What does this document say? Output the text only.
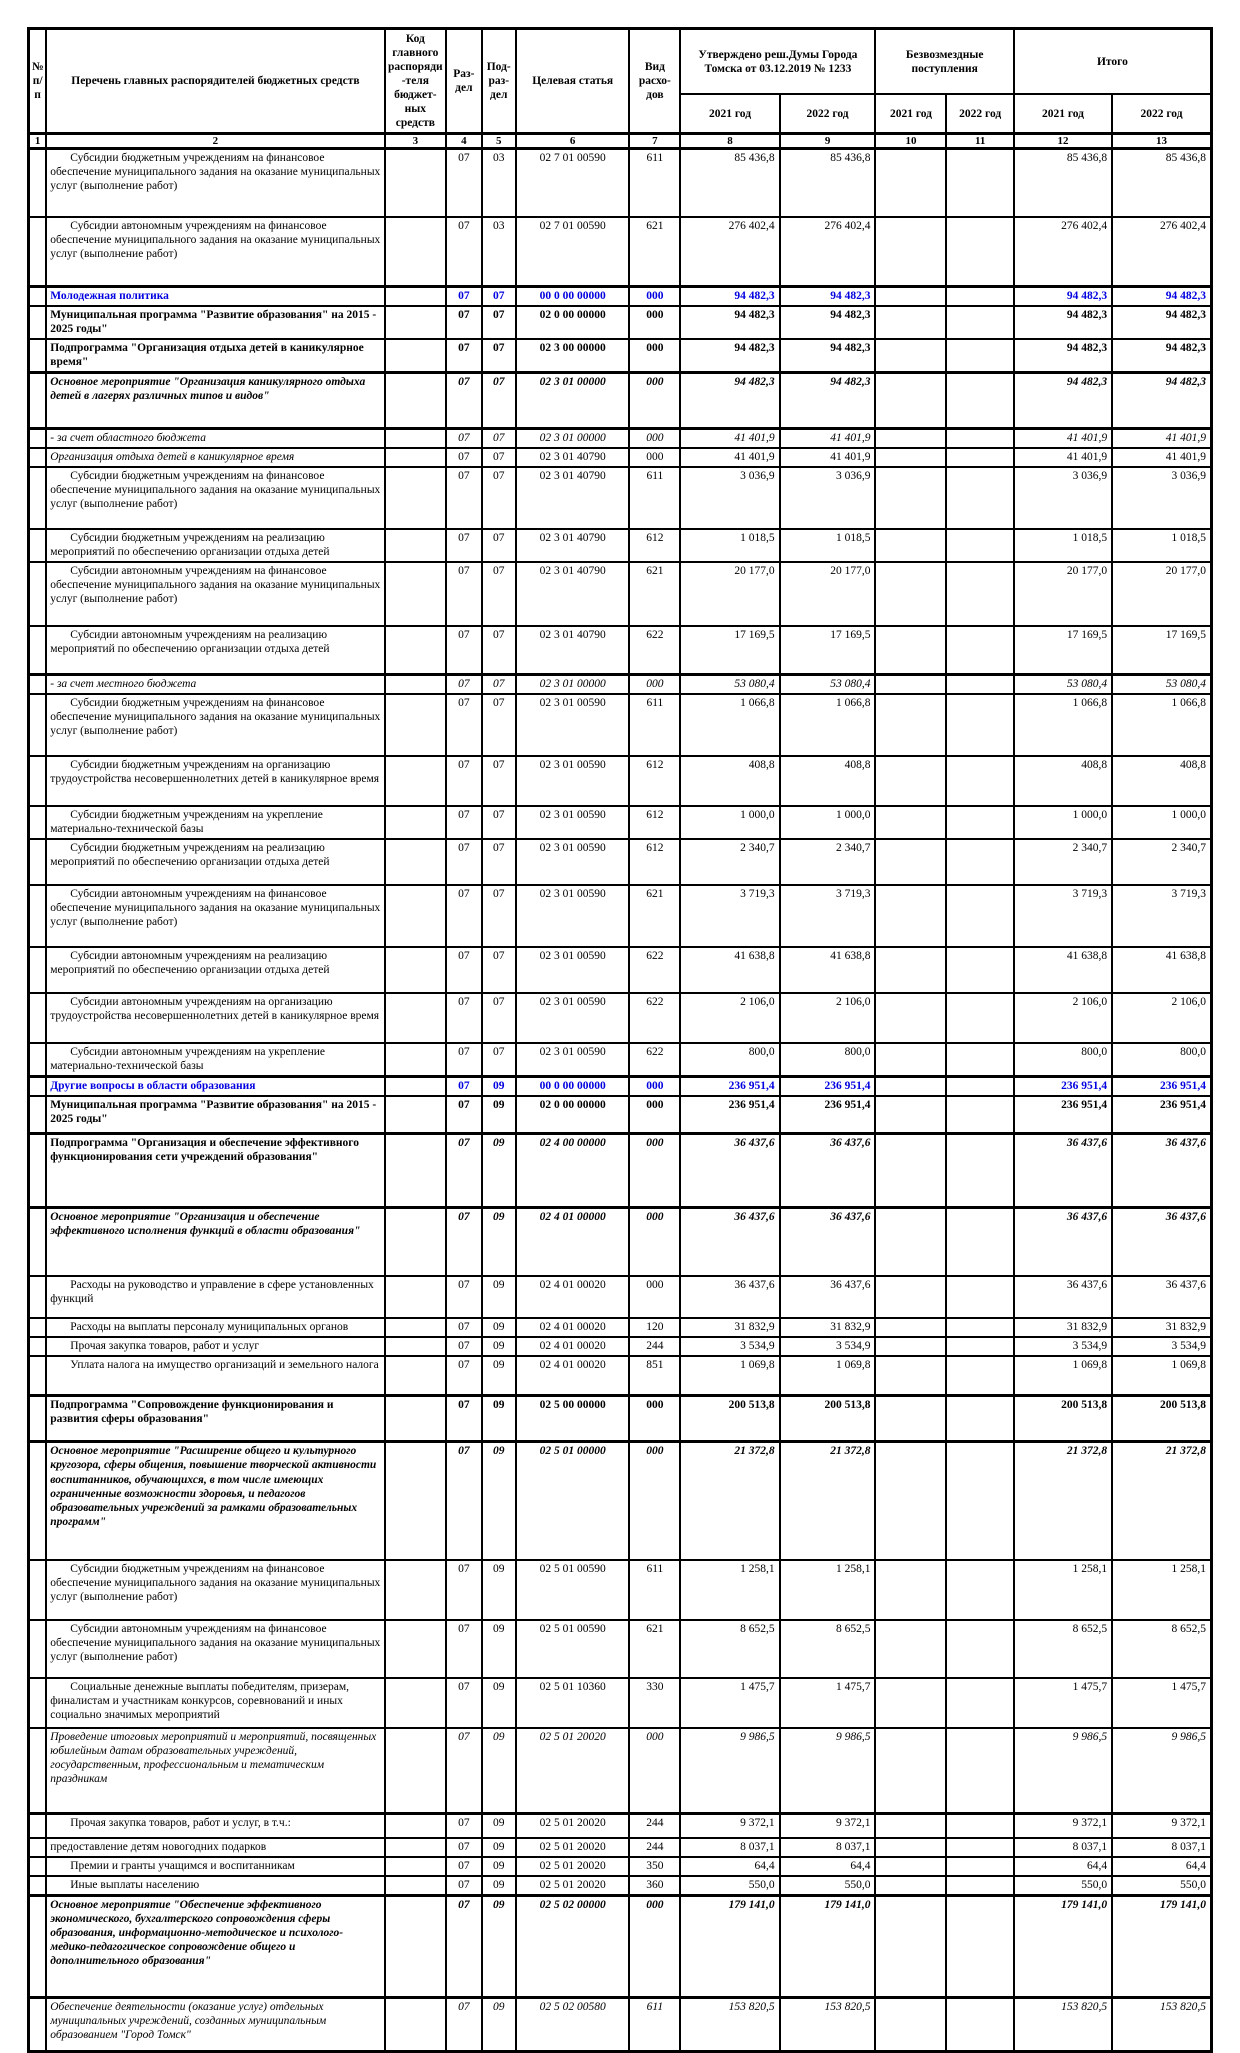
№ п/п	Перечень главных распорядителей бюджетных средств	Код главного распоряди-теля бюджет-ных средств	Раз-дел	Под-раз-дел	Целевая статья	Вид расхо-дов	Утверждено реш.Думы Города Томска от 03.12.2019 № 1233		Безвозмездные поступления		Итого	
							2021 год	2022 год	2021 год	2022 год	2021 год	2022 год
1	2	3	4	5	6	7	8	9	10	11	12	13
	Субсидии бюджетным учреждениям на финансовое обеспечение муниципального задания на оказание муниципальных услуг (выполнение работ)		07	03	02 7 01 00590	611	85 436,8	85 436,8			85 436,8	85 436,8
	Субсидии автономным учреждениям на финансовое обеспечение муниципального задания на оказание муниципальных услуг (выполнение работ)		07	03	02 7 01 00590	621	276 402,4	276 402,4			276 402,4	276 402,4
	Молодежная политика		07	07	00 0 00 00000	000	94 482,3	94 482,3			94 482,3	94 482,3
	Муниципальная программа "Развитие образования" на 2015 - 2025 годы"		07	07	02 0 00 00000	000	94 482,3	94 482,3			94 482,3	94 482,3
	Подпрограмма "Организация отдыха детей в каникулярное время"		07	07	02 3 00 00000	000	94 482,3	94 482,3			94 482,3	94 482,3
	Основное мероприятие "Организация каникулярного отдыха детей в лагерях различных типов и видов"		07	07	02 3 01 00000	000	94 482,3	94 482,3			94 482,3	94 482,3
	- за счет областного бюджета		07	07	02 3 01 00000	000	41 401,9	41 401,9			41 401,9	41 401,9
	Организация отдыха детей в каникулярное время		07	07	02 3 01 40790	000	41 401,9	41 401,9			41 401,9	41 401,9
	Субсидии бюджетным учреждениям на финансовое обеспечение муниципального задания на оказание муниципальных услуг (выполнение работ)		07	07	02 3 01 40790	611	3 036,9	3 036,9			3 036,9	3 036,9
	Субсидии бюджетным учреждениям на реализацию мероприятий по обеспечению организации отдыха детей		07	07	02 3 01 40790	612	1 018,5	1 018,5			1 018,5	1 018,5
	Субсидии автономным учреждениям на финансовое обеспечение муниципального задания на оказание муниципальных услуг (выполнение работ)		07	07	02 3 01 40790	621	20 177,0	20 177,0			20 177,0	20 177,0
	Субсидии автономным учреждениям на реализацию мероприятий по обеспечению организации отдыха детей		07	07	02 3 01 40790	622	17 169,5	17 169,5			17 169,5	17 169,5
	- за счет местного бюджета		07	07	02 3 01 00000	000	53 080,4	53 080,4			53 080,4	53 080,4
	Субсидии бюджетным учреждениям на финансовое обеспечение муниципального задания на оказание муниципальных услуг (выполнение работ)		07	07	02 3 01 00590	611	1 066,8	1 066,8			1 066,8	1 066,8
	Субсидии бюджетным учреждениям на организацию трудоустройства несовершеннолетних детей в каникулярное время		07	07	02 3 01 00590	612	408,8	408,8			408,8	408,8
	Субсидии бюджетным учреждениям на укрепление материально-технической базы		07	07	02 3 01 00590	612	1 000,0	1 000,0			1 000,0	1 000,0
	Субсидии бюджетным учреждениям на реализацию мероприятий по обеспечению организации отдыха детей		07	07	02 3 01 00590	612	2 340,7	2 340,7			2 340,7	2 340,7
	Субсидии автономным учреждениям на финансовое обеспечение муниципального задания на оказание муниципальных услуг (выполнение работ)		07	07	02 3 01 00590	621	3 719,3	3 719,3			3 719,3	3 719,3
	Субсидии автономным учреждениям на реализацию мероприятий по обеспечению организации отдыха детей		07	07	02 3 01 00590	622	41 638,8	41 638,8			41 638,8	41 638,8
	Субсидии автономным учреждениям на организацию трудоустройства несовершеннолетних детей в каникулярное время		07	07	02 3 01 00590	622	2 106,0	2 106,0			2 106,0	2 106,0
	Субсидии автономным учреждениям на укрепление материально-технической базы		07	07	02 3 01 00590	622	800,0	800,0			800,0	800,0
	Другие вопросы в области образования		07	09	00 0 00 00000	000	236 951,4	236 951,4			236 951,4	236 951,4
	Муниципальная программа "Развитие образования" на 2015 - 2025 годы"		07	09	02 0 00 00000	000	236 951,4	236 951,4			236 951,4	236 951,4
	Подпрограмма "Организация и обеспечение эффективного функционирования сети учреждений образования"		07	09	02 4 00 00000	000	36 437,6	36 437,6			36 437,6	36 437,6
	Основное мероприятие "Организация и обеспечение эффективного исполнения функций в области образования"		07	09	02 4 01 00000	000	36 437,6	36 437,6			36 437,6	36 437,6
	Расходы на руководство и управление в сфере установленных функций		07	09	02 4 01 00020	000	36 437,6	36 437,6			36 437,6	36 437,6
	Расходы на выплаты персоналу муниципальных органов		07	09	02 4 01 00020	120	31 832,9	31 832,9			31 832,9	31 832,9
	Прочая закупка товаров, работ и услуг		07	09	02 4 01 00020	244	3 534,9	3 534,9			3 534,9	3 534,9
	Уплата налога на имущество организаций и земельного налога		07	09	02 4 01 00020	851	1 069,8	1 069,8			1 069,8	1 069,8
	Подпрограмма "Сопровождение функционирования и развития сферы образования"		07	09	02 5 00 00000	000	200 513,8	200 513,8			200 513,8	200 513,8
	Основное мероприятие "Расширение общего и культурного кругозора, сферы общения, повышение творческой активности воспитанников, обучающихся, в том числе имеющих ограниченные возможности здоровья, и педагогов образовательных учреждений за рамками образовательных программ"		07	09	02 5 01 00000	000	21 372,8	21 372,8			21 372,8	21 372,8
	Субсидии бюджетным учреждениям на финансовое обеспечение муниципального задания на оказание муниципальных услуг (выполнение работ)		07	09	02 5 01 00590	611	1 258,1	1 258,1			1 258,1	1 258,1
	Субсидии автономным учреждениям на финансовое обеспечение муниципального задания на оказание муниципальных услуг (выполнение работ)		07	09	02 5 01 00590	621	8 652,5	8 652,5			8 652,5	8 652,5
	Социальные денежные выплаты победителям, призерам, финалистам и участникам конкурсов, соревнований и иных социально значимых мероприятий		07	09	02 5 01 10360	330	1 475,7	1 475,7			1 475,7	1 475,7
	Проведение итоговых мероприятий и мероприятий, посвященных юбилейным датам образовательных учреждений, государственным, профессиональным и тематическим праздникам		07	09	02 5 01 20020	000	9 986,5	9 986,5			9 986,5	9 986,5
	Прочая закупка товаров, работ и услуг, в т.ч.:		07	09	02 5 01 20020	244	9 372,1	9 372,1			9 372,1	9 372,1
	предоставление детям новогодних подарков		07	09	02 5 01 20020	244	8 037,1	8 037,1			8 037,1	8 037,1
	Премии и гранты учащимся и воспитанникам		07	09	02 5 01 20020	350	64,4	64,4			64,4	64,4
	Иные выплаты населению		07	09	02 5 01 20020	360	550,0	550,0			550,0	550,0
	Основное мероприятие "Обеспечение эффективного экономического, бухгалтерского сопровождения сферы образования, информационно-методическое и психолого-медико-педагогическое сопровождение общего и дополнительного образования"		07	09	02 5 02 00000	000	179 141,0	179 141,0			179 141,0	179 141,0
	Обеспечение деятельности (оказание услуг) отдельных муниципальных учреждений, созданных муниципальным образованием "Город Томск"		07	09	02 5 02 00580	611	153 820,5	153 820,5			153 820,5	153 820,5
